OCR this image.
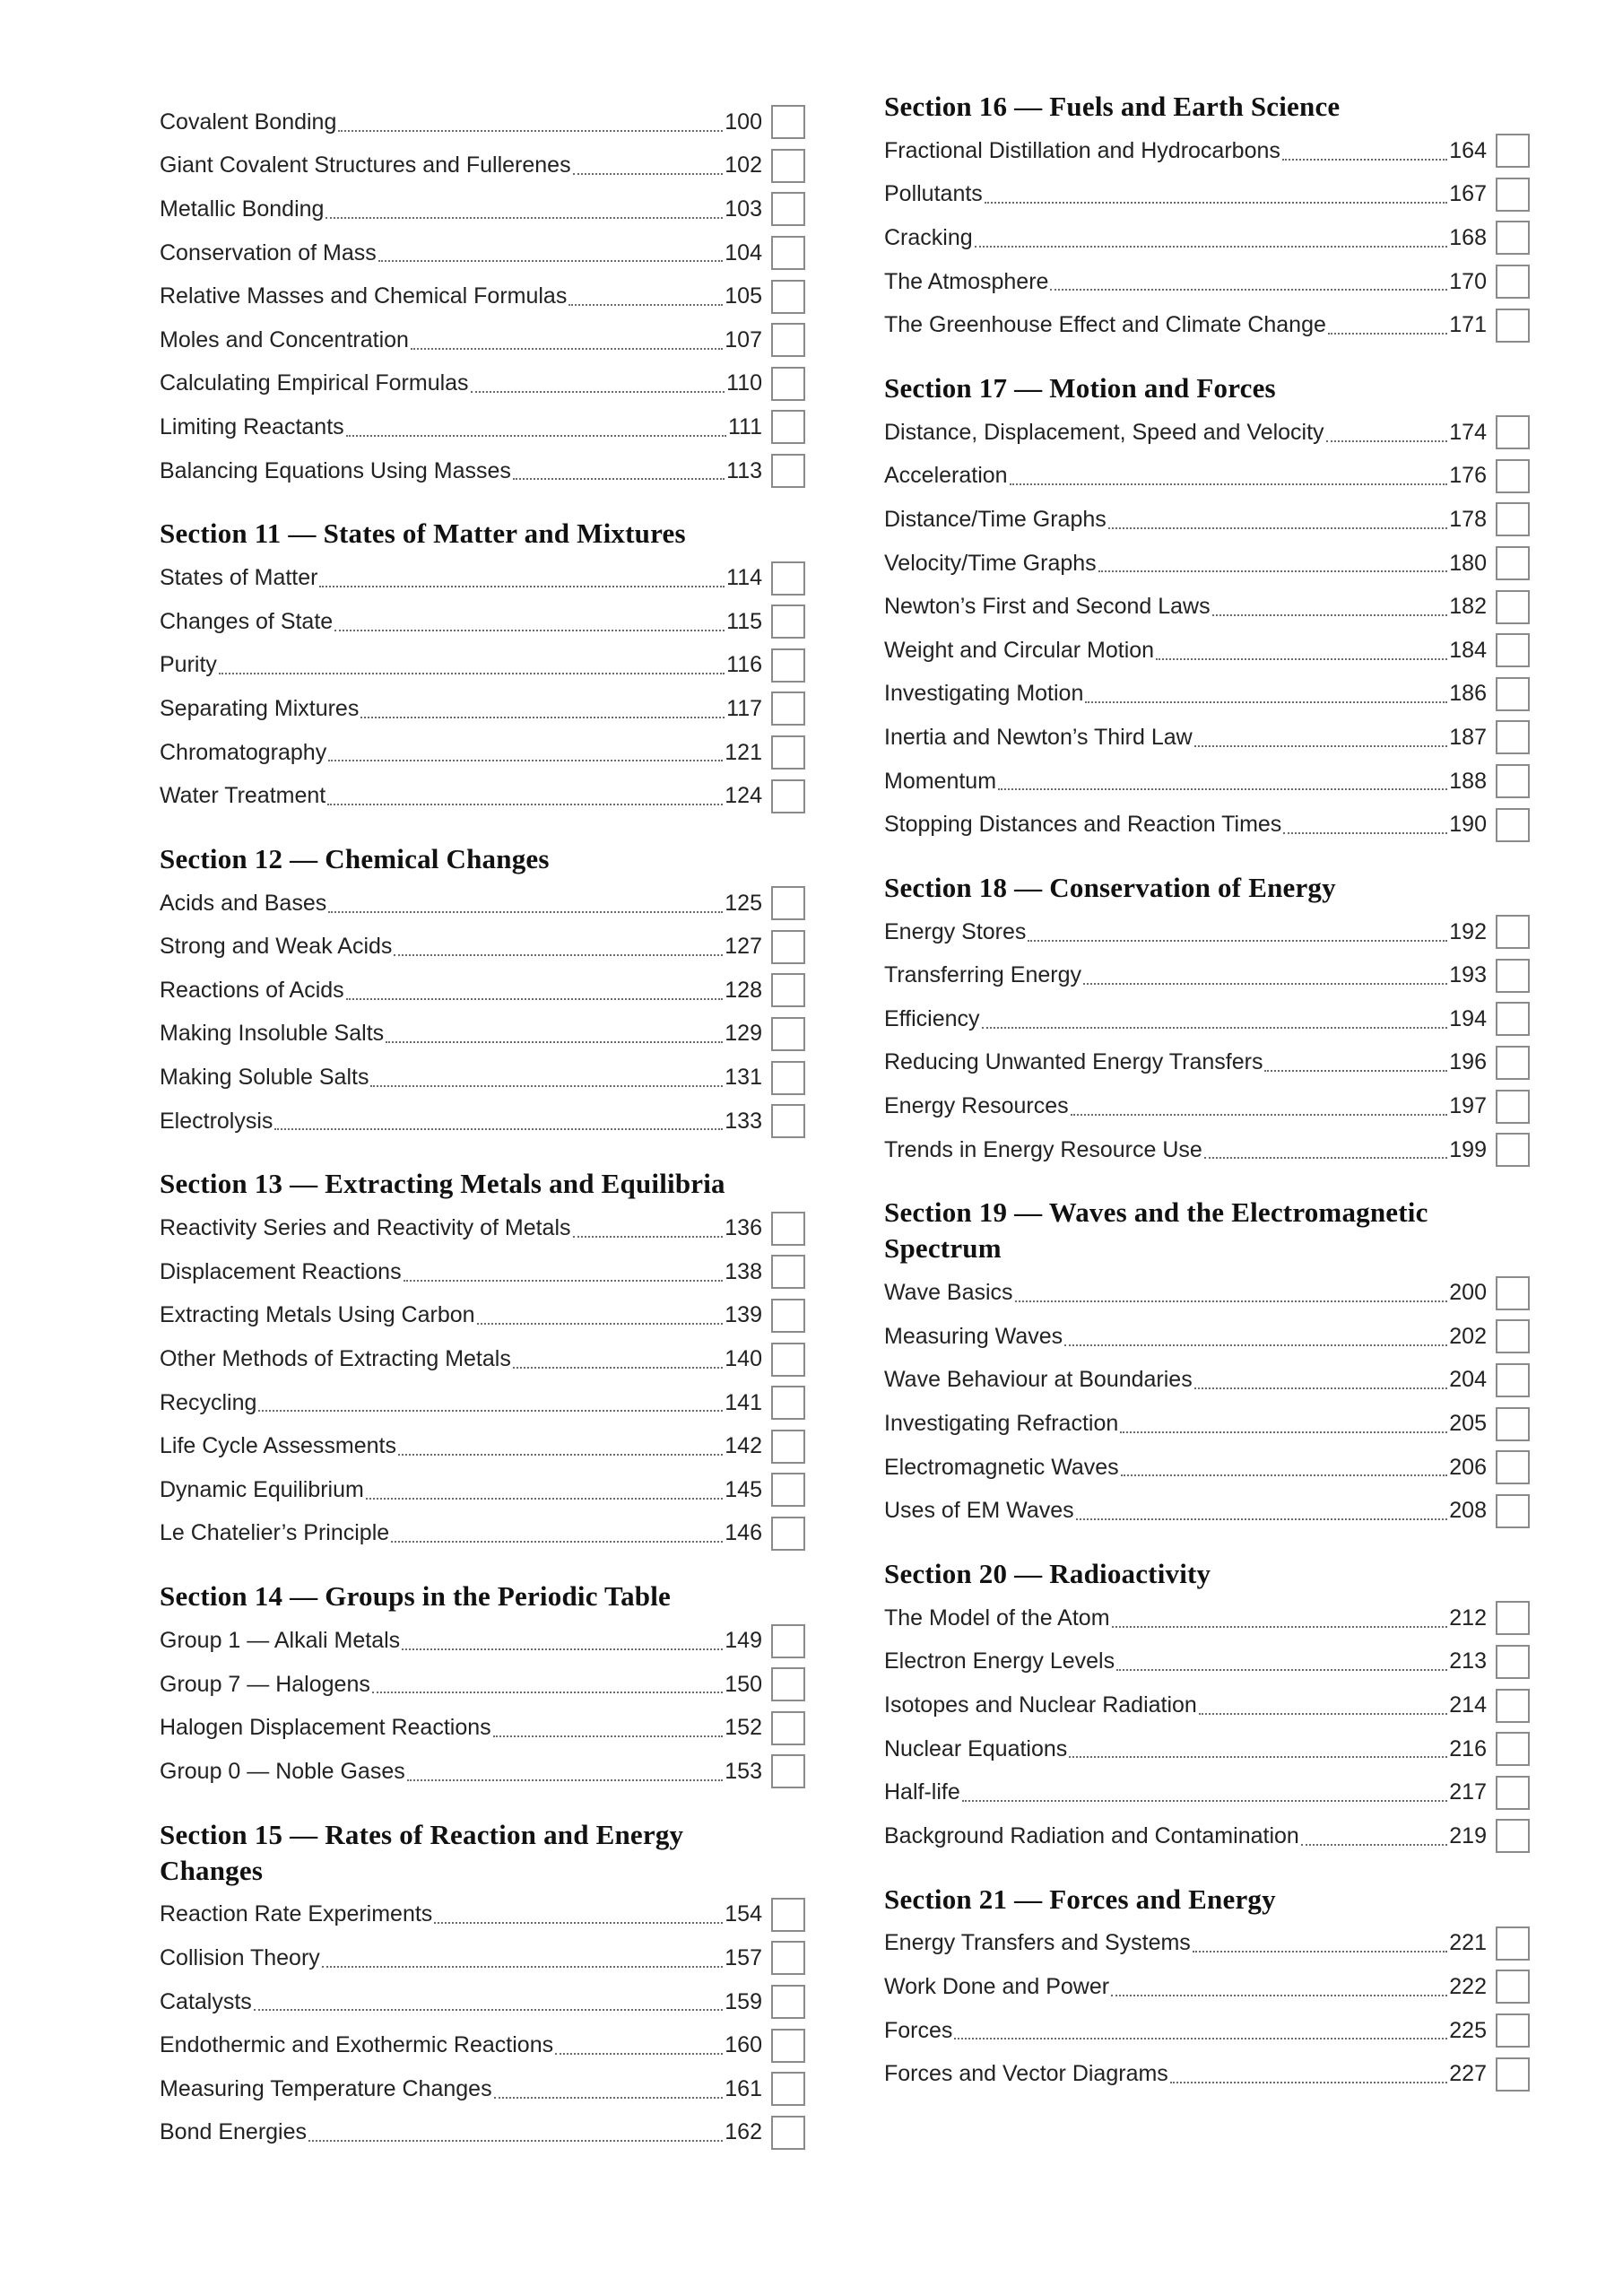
Covalent Bonding	100
Giant Covalent Structures and Fullerenes	102
Metallic Bonding	103
Conservation of Mass	104
Relative Masses and Chemical Formulas	105
Moles and Concentration	107
Calculating Empirical Formulas	110
Limiting Reactants	111
Balancing Equations Using Masses	113
Section 11 — States of Matter and Mixtures
States of Matter	114
Changes of State	115
Purity	116
Separating Mixtures	117
Chromatography	121
Water Treatment	124
Section 12 — Chemical Changes
Acids and Bases	125
Strong and Weak Acids	127
Reactions of Acids	128
Making Insoluble Salts	129
Making Soluble Salts	131
Electrolysis	133
Section 13 — Extracting Metals and Equilibria
Reactivity Series and Reactivity of Metals	136
Displacement Reactions	138
Extracting Metals Using Carbon	139
Other Methods of Extracting Metals	140
Recycling	141
Life Cycle Assessments	142
Dynamic Equilibrium	145
Le Chatelier’s Principle	146
Section 14 — Groups in the Periodic Table
Group 1 — Alkali Metals	149
Group 7 — Halogens	150
Halogen Displacement Reactions	152
Group 0 — Noble Gases	153
Section 15 — Rates of Reaction and Energy Changes
Reaction Rate Experiments	154
Collision Theory	157
Catalysts	159
Endothermic and Exothermic Reactions	160
Measuring Temperature Changes	161
Bond Energies	162
Section 16 — Fuels and Earth Science
Fractional Distillation and Hydrocarbons	164
Pollutants	167
Cracking	168
The Atmosphere	170
The Greenhouse Effect and Climate Change	171
Section 17 — Motion and Forces
Distance, Displacement, Speed and Velocity	174
Acceleration	176
Distance/Time Graphs	178
Velocity/Time Graphs	180
Newton’s First and Second Laws	182
Weight and Circular Motion	184
Investigating Motion	186
Inertia and Newton’s Third Law	187
Momentum	188
Stopping Distances and Reaction Times	190
Section 18 — Conservation of Energy
Energy Stores	192
Transferring Energy	193
Efficiency	194
Reducing Unwanted Energy Transfers	196
Energy Resources	197
Trends in Energy Resource Use	199
Section 19 — Waves and the Electromagnetic Spectrum
Wave Basics	200
Measuring Waves	202
Wave Behaviour at Boundaries	204
Investigating Refraction	205
Electromagnetic Waves	206
Uses of EM Waves	208
Section 20 — Radioactivity
The Model of the Atom	212
Electron Energy Levels	213
Isotopes and Nuclear Radiation	214
Nuclear Equations	216
Half-life	217
Background Radiation and Contamination	219
Section 21 — Forces and Energy
Energy Transfers and Systems	221
Work Done and Power	222
Forces	225
Forces and Vector Diagrams	227
